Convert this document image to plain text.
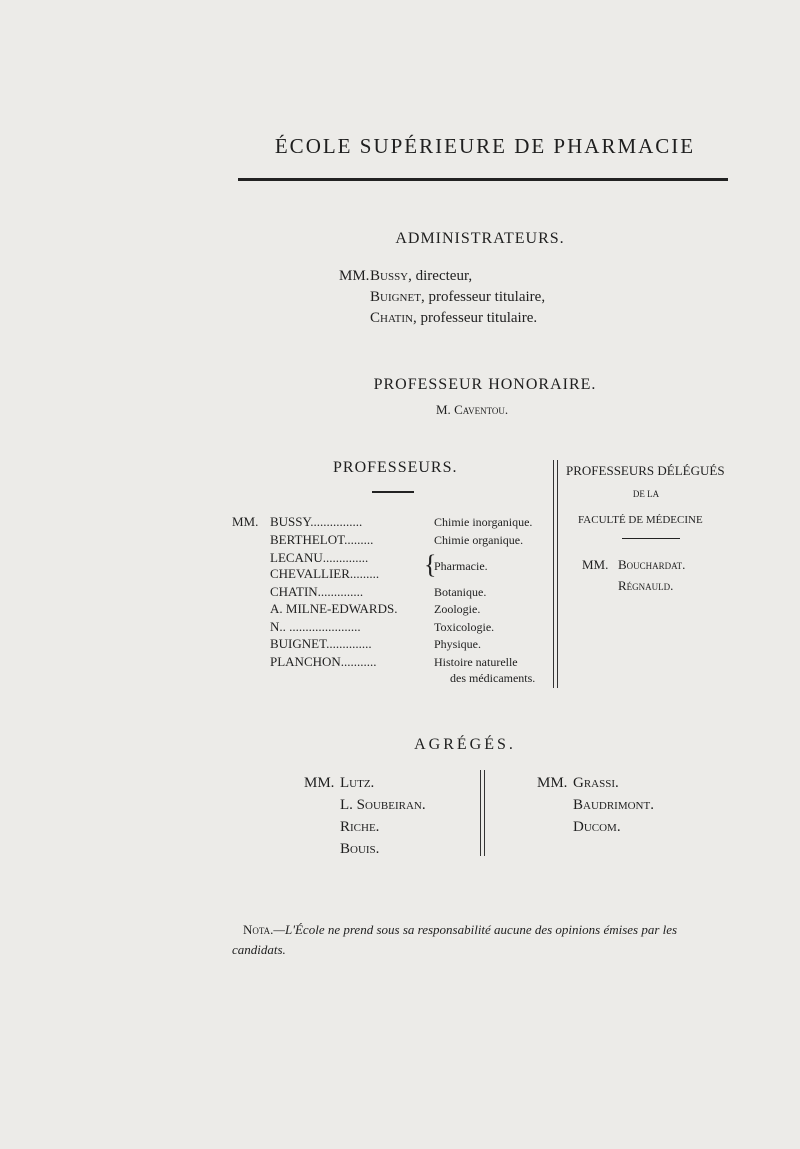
ÉCOLE SUPÉRIEURE DE PHARMACIE
ADMINISTRATEURS.
MM. Bussy, directeur,
Buignet, professeur titulaire,
Chatin, professeur titulaire.
PROFESSEUR HONORAIRE.
M. Caventou.
PROFESSEURS.
MM. BUSSY................
BERTHELOT.........
LECANU..............
CHEVALLIER.........
CHATIN..............
A. MILNE-EDWARDS.
N.. ......................
BUIGNET..............
PLANCHON...........
Chimie inorganique.
Chimie organique.
{
Pharmacie.
Botanique.
Zoologie.
Toxicologie.
Physique.
Histoire naturelle
des médicaments.
PROFESSEURS DÉLÉGUÉS
DE LA
FACULTÉ DE MÉDECINE
MM. Bouchardat.
Régnauld.
AGRÉGÉS.
MM. Lutz.
L. Soubeiran.
Riche.
Bouis.
MM. Grassi.
Baudrimont.
Ducom.
Nota.—L'École ne prend sous sa responsabilité aucune des opinions émises par les
candidats.
